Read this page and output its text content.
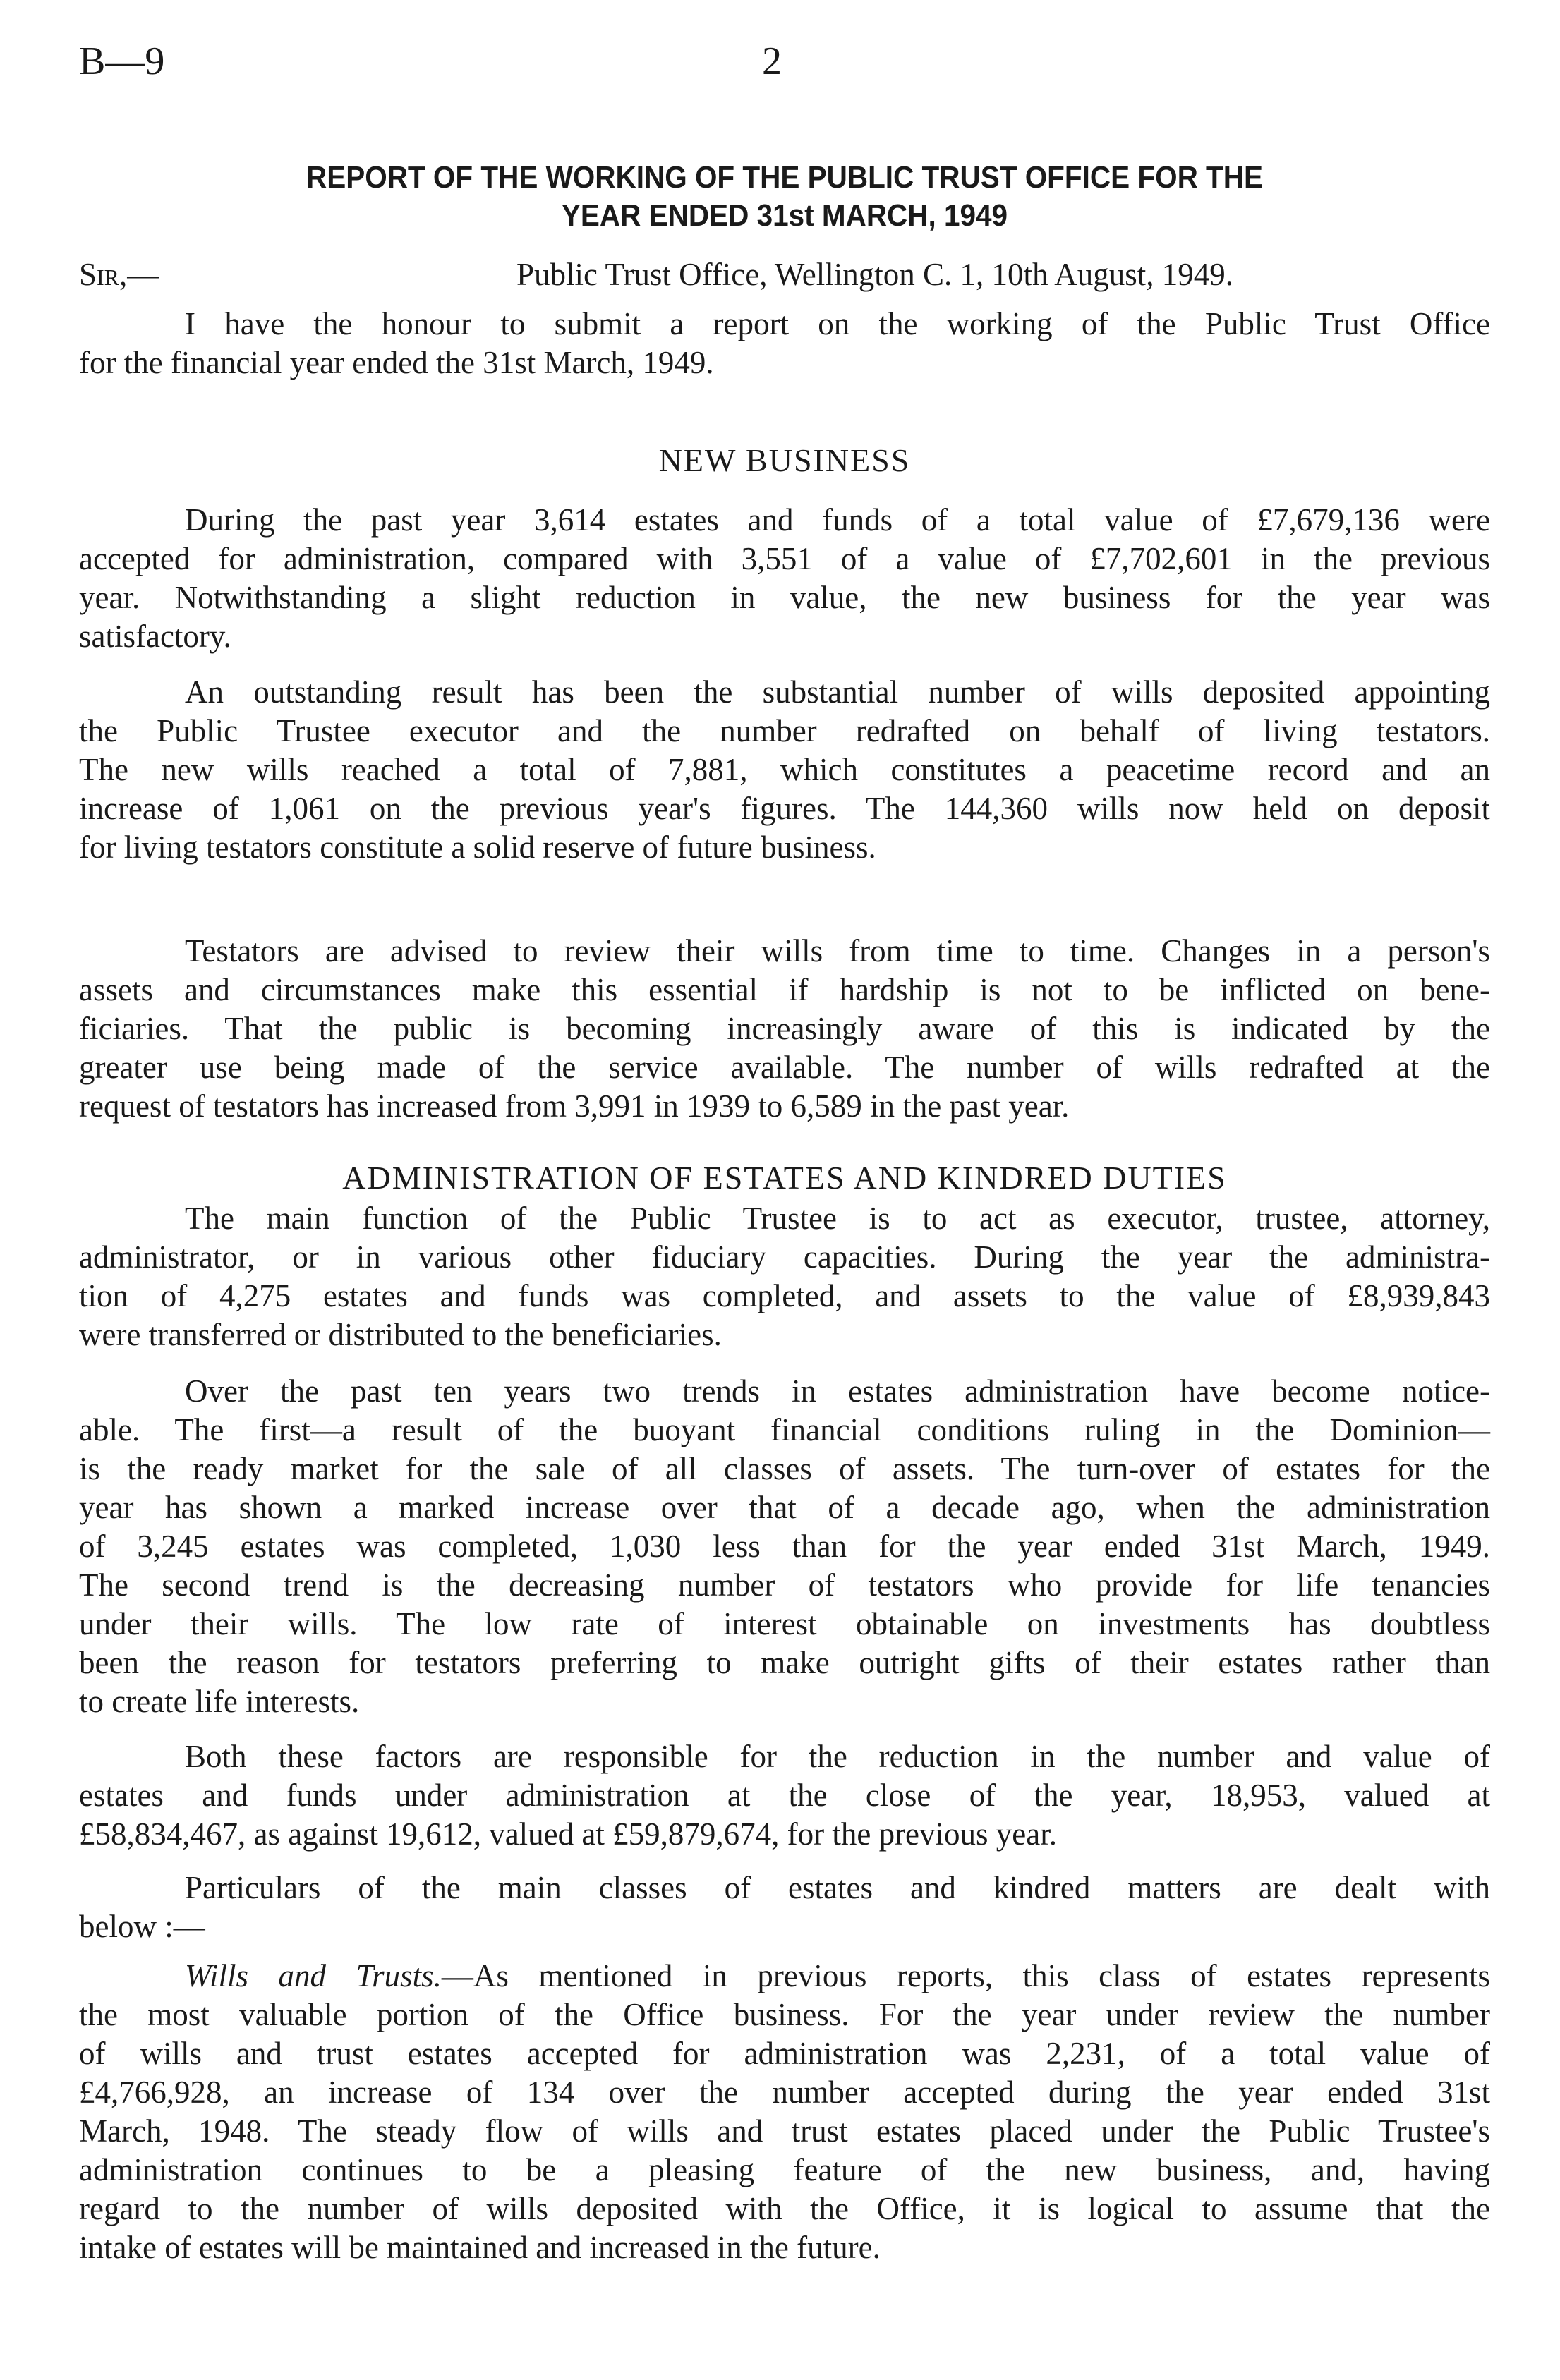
B—9	2
REPORT OF THE WORKING OF THE PUBLIC TRUST OFFICE FOR THE
YEAR ENDED 31st MARCH, 1949
Sir,—	Public Trust Office, Wellington C. 1, 10th August, 1949.
I have the honour to submit a report on the working of the Public Trust Office
for the financial year ended the 31st March, 1949.
NEW BUSINESS
During the past year 3,614 estates and funds of a total value of £7,679,136 were
accepted for administration, compared with 3,551 of a value of £7,702,601 in the previous
year. Notwithstanding a slight reduction in value, the new business for the year was
satisfactory.
An outstanding result has been the substantial number of wills deposited appointing
the Public Trustee executor and the number redrafted on behalf of living testators.
The new wills reached a total of 7,881, which constitutes a peacetime record and an
increase of 1,061 on the previous year's figures. The 144,360 wills now held on deposit
for living testators constitute a solid reserve of future business.
Testators are advised to review their wills from time to time. Changes in a person's
assets and circumstances make this essential if hardship is not to be inflicted on bene-
ficiaries. That the public is becoming increasingly aware of this is indicated by the
greater use being made of the service available. The number of wills redrafted at the
request of testators has increased from 3,991 in 1939 to 6,589 in the past year.
ADMINISTRATION OF ESTATES AND KINDRED DUTIES
The main function of the Public Trustee is to act as executor, trustee, attorney,
administrator, or in various other fiduciary capacities. During the year the administra-
tion of 4,275 estates and funds was completed, and assets to the value of £8,939,843
were transferred or distributed to the beneficiaries.
Over the past ten years two trends in estates administration have become notice-
able. The first—a result of the buoyant financial conditions ruling in the Dominion—
is the ready market for the sale of all classes of assets. The turn-over of estates for the
year has shown a marked increase over that of a decade ago, when the administration
of 3,245 estates was completed, 1,030 less than for the year ended 31st March, 1949.
The second trend is the decreasing number of testators who provide for life tenancies
under their wills. The low rate of interest obtainable on investments has doubtless
been the reason for testators preferring to make outright gifts of their estates rather than
to create life interests.
Both these factors are responsible for the reduction in the number and value of
estates and funds under administration at the close of the year, 18,953, valued at
£58,834,467, as against 19,612, valued at £59,879,674, for the previous year.
Particulars of the main classes of estates and kindred matters are dealt with
below :—
Wills and Trusts.—As mentioned in previous reports, this class of estates represents
the most valuable portion of the Office business. For the year under review the number
of wills and trust estates accepted for administration was 2,231, of a total value of
£4,766,928, an increase of 134 over the number accepted during the year ended 31st
March, 1948. The steady flow of wills and trust estates placed under the Public Trustee's
administration continues to be a pleasing feature of the new business, and, having
regard to the number of wills deposited with the Office, it is logical to assume that the
intake of estates will be maintained and increased in the future.
